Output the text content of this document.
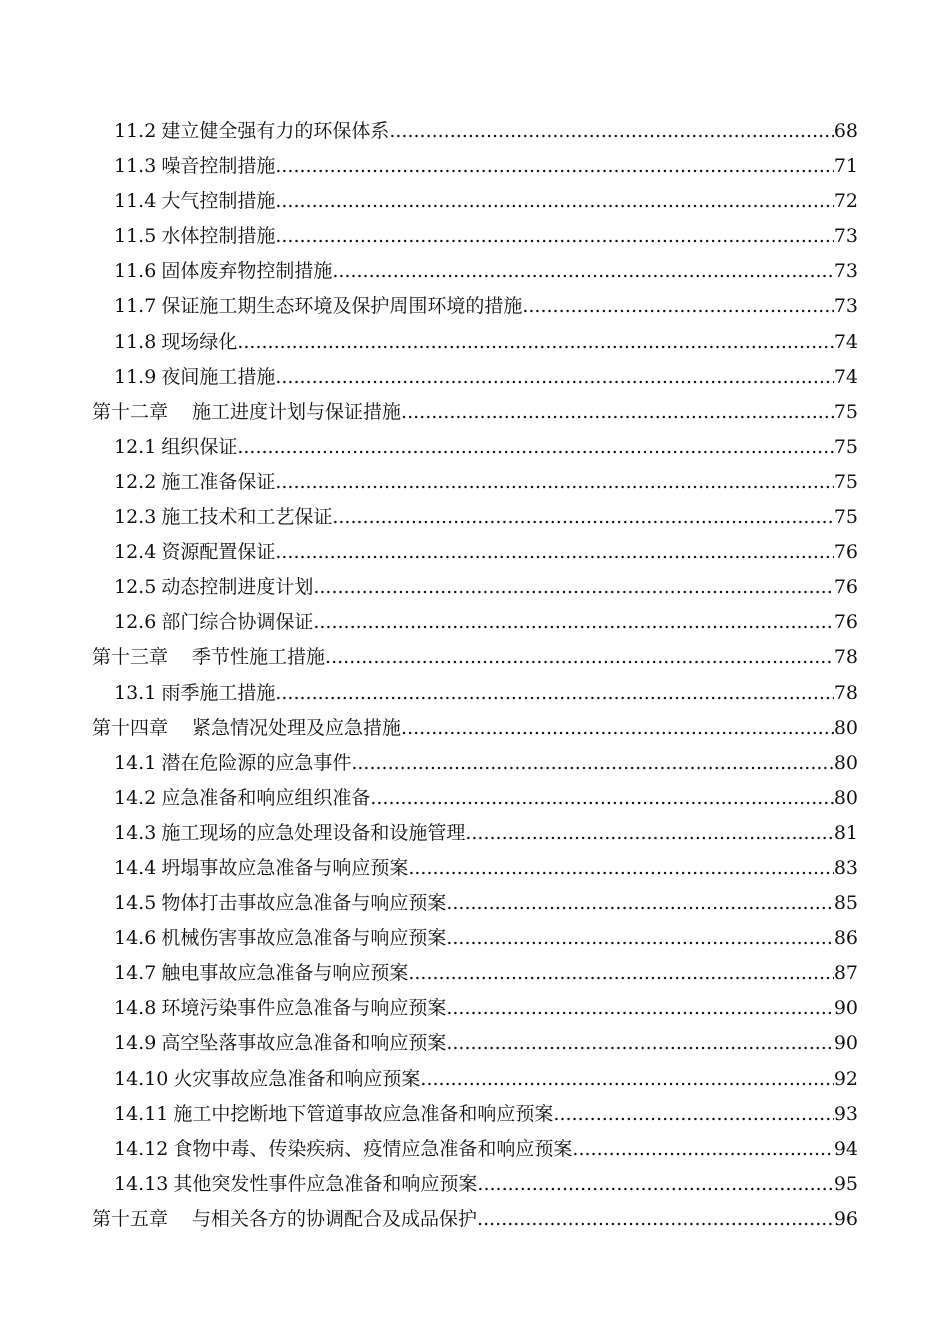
11.2 建立健全强有力的环保体系 .....	68
11.3 噪音控制措施 .....	71
11.4 大气控制措施 .....	72
11.5 水体控制措施 .....	73
11.6 固体废弃物控制措施 .....	73
11.7 保证施工期生态环境及保护周围环境的措施 .....	73
11.8 现场绿化 .....	74
11.9 夜间施工措施 .....	74
第十二章 施工进度计划与保证措施 .....	75
12.1 组织保证 .....	75
12.2 施工准备保证 .....	75
12.3 施工技术和工艺保证 .....	75
12.4 资源配置保证 .....	76
12.5 动态控制进度计划 .....	76
12.6 部门综合协调保证 .....	76
第十三章 季节性施工措施 .....	78
13.1 雨季施工措施 .....	78
第十四章 紧急情况处理及应急措施 .....	80
14.1 潜在危险源的应急事件 .....	80
14.2 应急准备和响应组织准备 .....	80
14.3 施工现场的应急处理设备和设施管理 .....	81
14.4 坍塌事故应急准备与响应预案 .....	83
14.5 物体打击事故应急准备与响应预案 .....	85
14.6 机械伤害事故应急准备与响应预案 .....	86
14.7 触电事故应急准备与响应预案 .....	87
14.8 环境污染事件应急准备与响应预案 .....	90
14.9 高空坠落事故应急准备和响应预案 .....	90
14.10 火灾事故应急准备和响应预案 .....	92
14.11 施工中挖断地下管道事故应急准备和响应预案 .....	93
14.12 食物中毒、传染疾病、疫情应急准备和响应预案 .....	94
14.13 其他突发性事件应急准备和响应预案 .....	95
第十五章 与相关各方的协调配合及成品保护 .....	96
